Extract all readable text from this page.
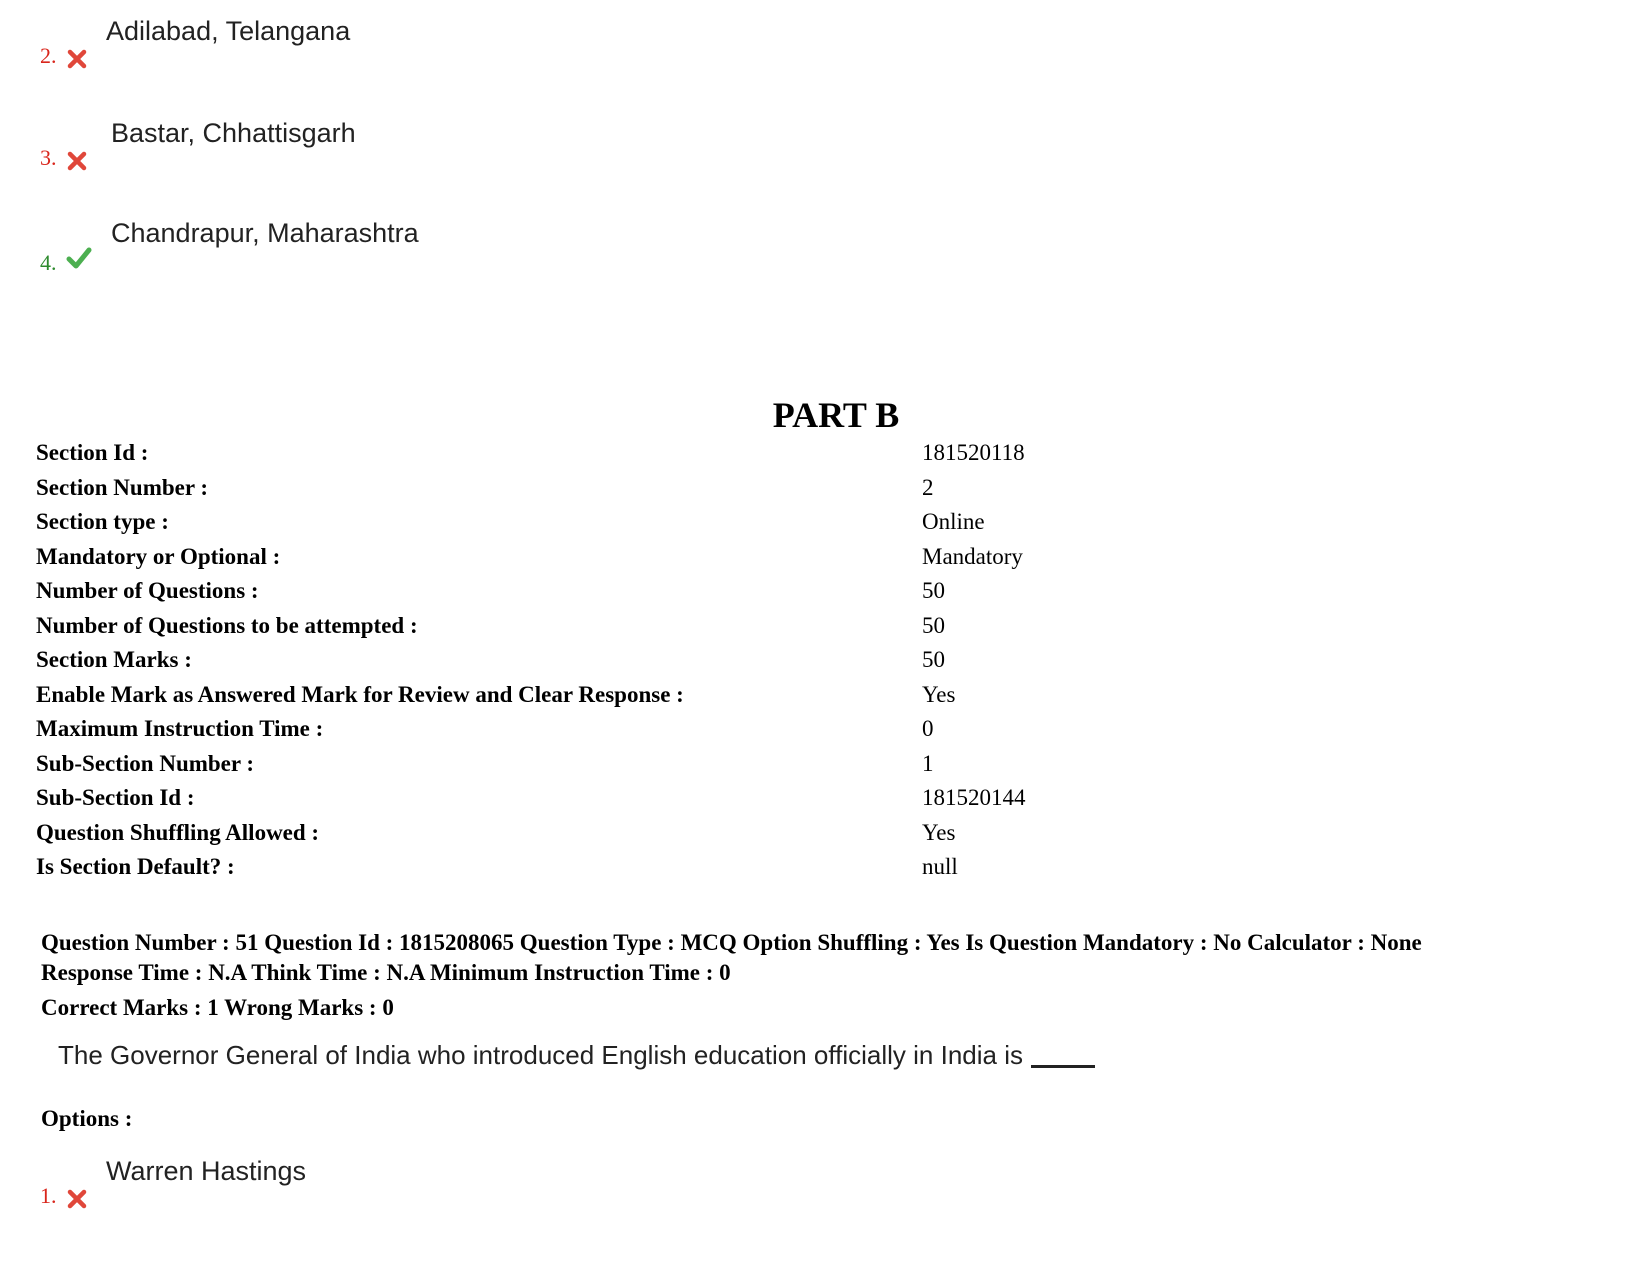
Adilabad, Telangana
2.
Bastar, Chhattisgarh
3.
Chandrapur, Maharashtra
4.
PART B
Section Id :	181520118
Section Number :	2
Section type :	Online
Mandatory or Optional :	Mandatory
Number of Questions :	50
Number of Questions to be attempted :	50
Section Marks :	50
Enable Mark as Answered Mark for Review and Clear Response :	Yes
Maximum Instruction Time :	0
Sub-Section Number :	1
Sub-Section Id :	181520144
Question Shuffling Allowed :	Yes
Is Section Default? :	null
Question Number : 51 Question Id : 1815208065 Question Type : MCQ Option Shuffling : Yes Is Question Mandatory : No Calculator : None
Response Time : N.A Think Time : N.A Minimum Instruction Time : 0
Correct Marks : 1 Wrong Marks : 0
The Governor General of India who introduced English education officially in India is
Options :
Warren Hastings
1.
